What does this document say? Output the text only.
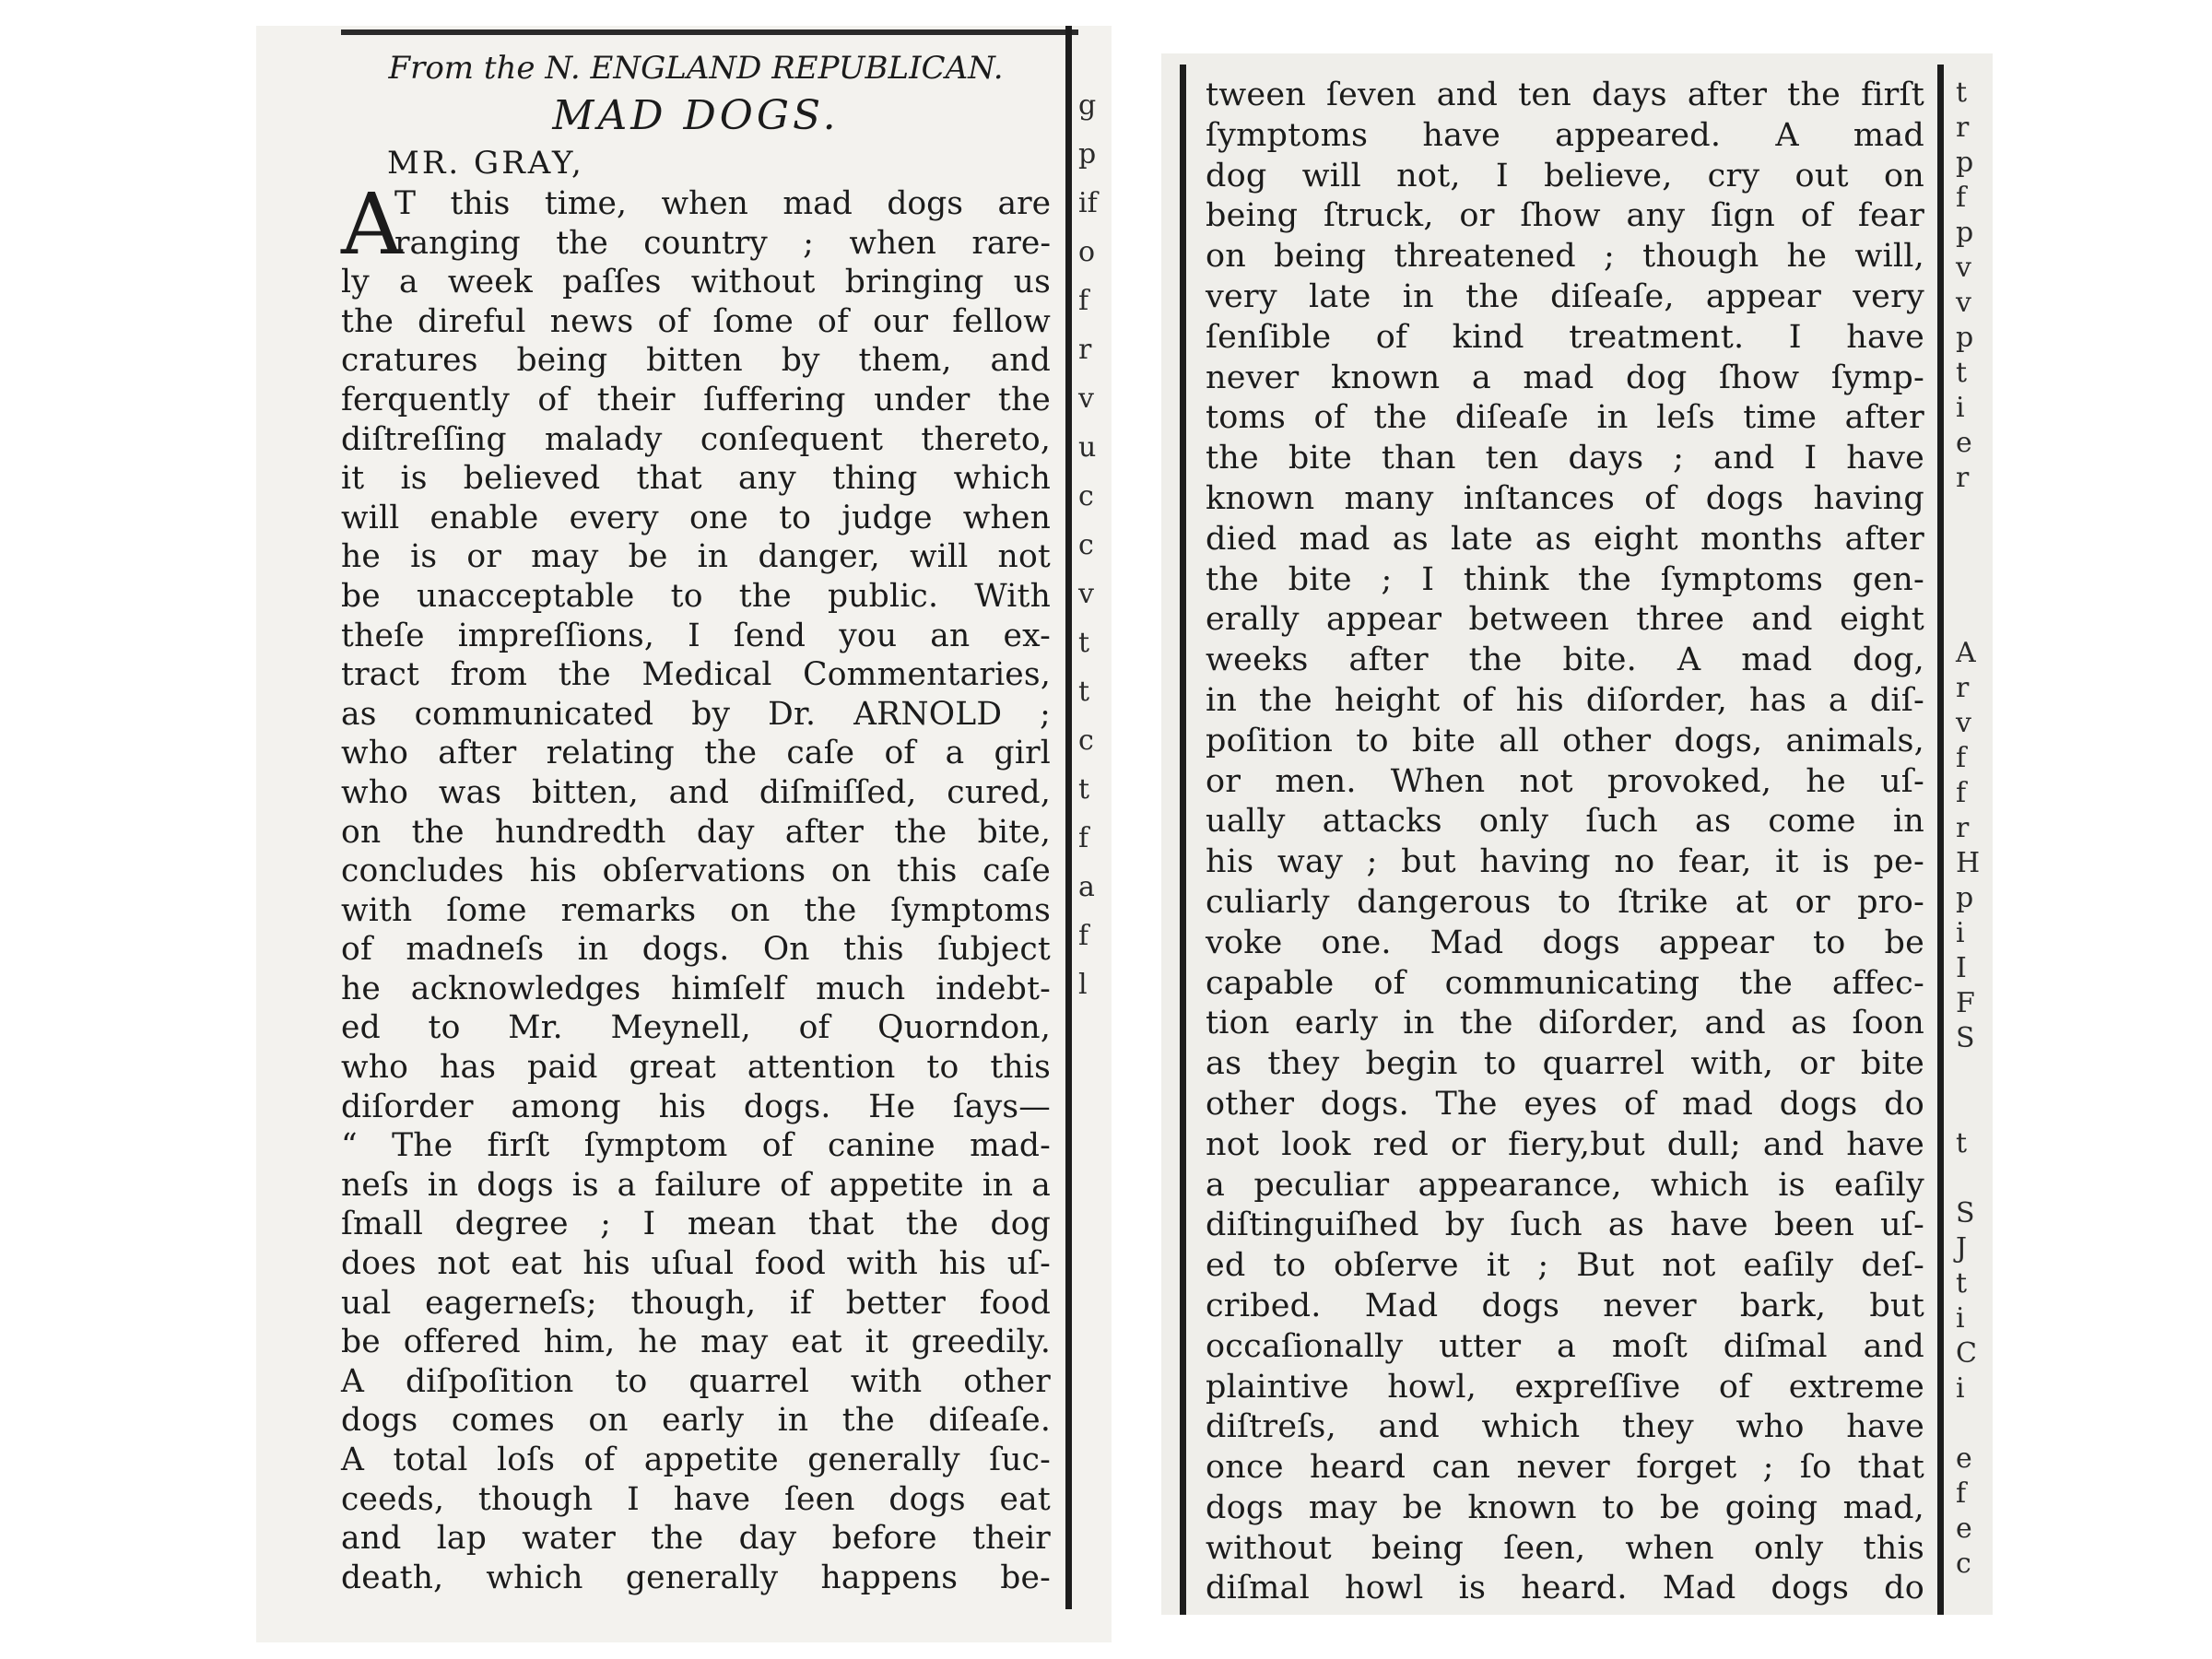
From the N. ENGLAND REPUBLICAN.
MAD DOGS.
MR. GRAY,
A
T this time, when mad dogs are
ranging the country ; when rare-
ly a week paſſes without bringing us
the direful news of ſome of our fellow
cratures being bitten by them, and
ferquently of their ſuffering under the
diſtreſſing malady conſequent thereto,
it is believed that any thing which
will enable every one to judge when
he is or may be in danger, will not
be unacceptable to the public. With
theſe impreſſions, I ſend you an ex-
tract from the Medical Commentaries,
as communicated by Dr. ARNOLD ;
who after relating the caſe of a girl
who was bitten, and diſmiſſed, cured,
on the hundredth day after the bite,
concludes his obſervations on this caſe
with ſome remarks on the ſymptoms
of madneſs in dogs. On this ſubject
he acknowledges himſelf much indebt-
ed to Mr. Meynell, of Quorndon,
who has paid great attention to this
diſorder among his dogs. He ſays—
“ The firſt ſymptom of canine mad-
neſs in dogs is a failure of appetite in a
ſmall degree ; I mean that the dog
does not eat his uſual food with his uſ-
ual eagerneſs; though, if better food
be offered him, he may eat it greedily.
A diſpoſition to quarrel with other
dogs comes on early in the diſeaſe.
A total loſs of appetite generally ſuc-
ceeds, though I have ſeen dogs eat
and lap water the day before their
death, which generally happens be-
g
p
if
o
f
r
v
u
c
c
v
t
t
c
t
f
a
f
l
tween ſeven and ten days after the firſt
ſymptoms have appeared. A mad
dog will not, I believe, cry out on
being ſtruck, or ſhow any ſign of fear
on being threatened ; though he will,
very late in the diſeaſe, appear very
ſenſible of kind treatment. I have
never known a mad dog ſhow ſymp-
toms of the diſeaſe in leſs time after
the bite than ten days ; and I have
known many inſtances of dogs having
died mad as late as eight months after
the bite ; I think the ſymptoms gen-
erally appear between three and eight
weeks after the bite. A mad dog,
in the height of his diſorder, has a diſ-
poſition to bite all other dogs, animals,
or men. When not provoked, he uſ-
ually attacks only ſuch as come in
his way ; but having no fear, it is pe-
culiarly dangerous to ſtrike at or pro-
voke one. Mad dogs appear to be
capable of communicating the affec-
tion early in the diſorder, and as ſoon
as they begin to quarrel with, or bite
other dogs. The eyes of mad dogs do
not look red or fiery,but dull; and have
a peculiar appearance, which is eaſily
diſtinguiſhed by ſuch as have been uſ-
ed to obſerve it ; But not eaſily deſ-
cribed. Mad dogs never bark, but
occaſionally utter a moſt diſmal and
plaintive howl, expreſſive of extreme
diſtreſs, and which they who have
once heard can never forget ; ſo that
dogs may be known to be going mad,
without being ſeen, when only this
diſmal howl is heard. Mad dogs do
t
r
p
f
p
v
v
p
t
i
e
r
A
r
v
f
f
r
H
p
i
I
F
S
t
S
J
t
i
C
i
e
f
e
c
